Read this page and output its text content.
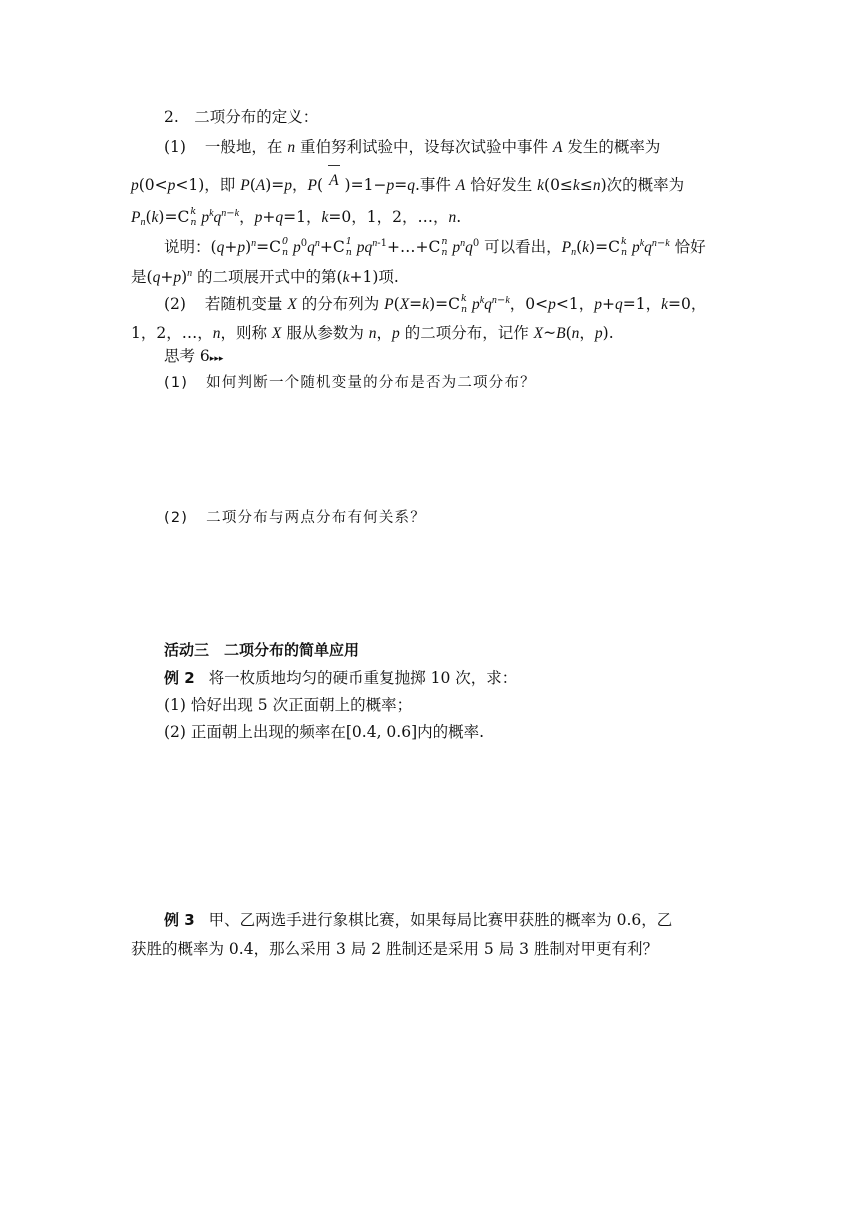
2.　二项分布的定义：
(1) 一般地，在 n 重伯努利试验中，设每次试验中事件 A 发生的概率为
p(0<p<1)，即 P(A)=p，P( A )=1−p=q.事件 A 恰好发生 k(0≤k≤n)次的概率为
$P_n(k)=C$ k
n $p^kq^{n-k}$，p+q=1，k=0，1，2，…，n.
说明：$(q+p)^n=C$ 0
n $p^0q^n+C$ 1
n $pq^{n-1}+\dots+C$ n
n $p^nq^0$ 可以看出，$P_n(k)=C$ k
n $p^kq^{n-k}$ 恰好
是$(q+p)^n$ 的二项展开式中的第(k+1)项.
(2) 若随机变量 X 的分布列为 P(X=k)=C k
n $p^kq^{n-k}$，0<p<1，p+q=1，k=0，
1，2，…，n，则称 X 服从参数为 n，p 的二项分布，记作 X~B(n，p).
思考 6▸▸▸
(1) 如何判断一个随机变量的分布是否为二项分布？
(2) 二项分布与两点分布有何关系？
活动三　二项分布的简单应用
例 2 将一枚质地均匀的硬币重复抛掷 10 次，求：
(1) 恰好出现 5 次正面朝上的概率；
(2) 正面朝上出现的频率在[0.4, 0.6]内的概率.
例 3 甲、乙两选手进行象棋比赛，如果每局比赛甲获胜的概率为 0.6，乙
获胜的概率为 0.4，那么采用 3 局 2 胜制还是采用 5 局 3 胜制对甲更有利？
